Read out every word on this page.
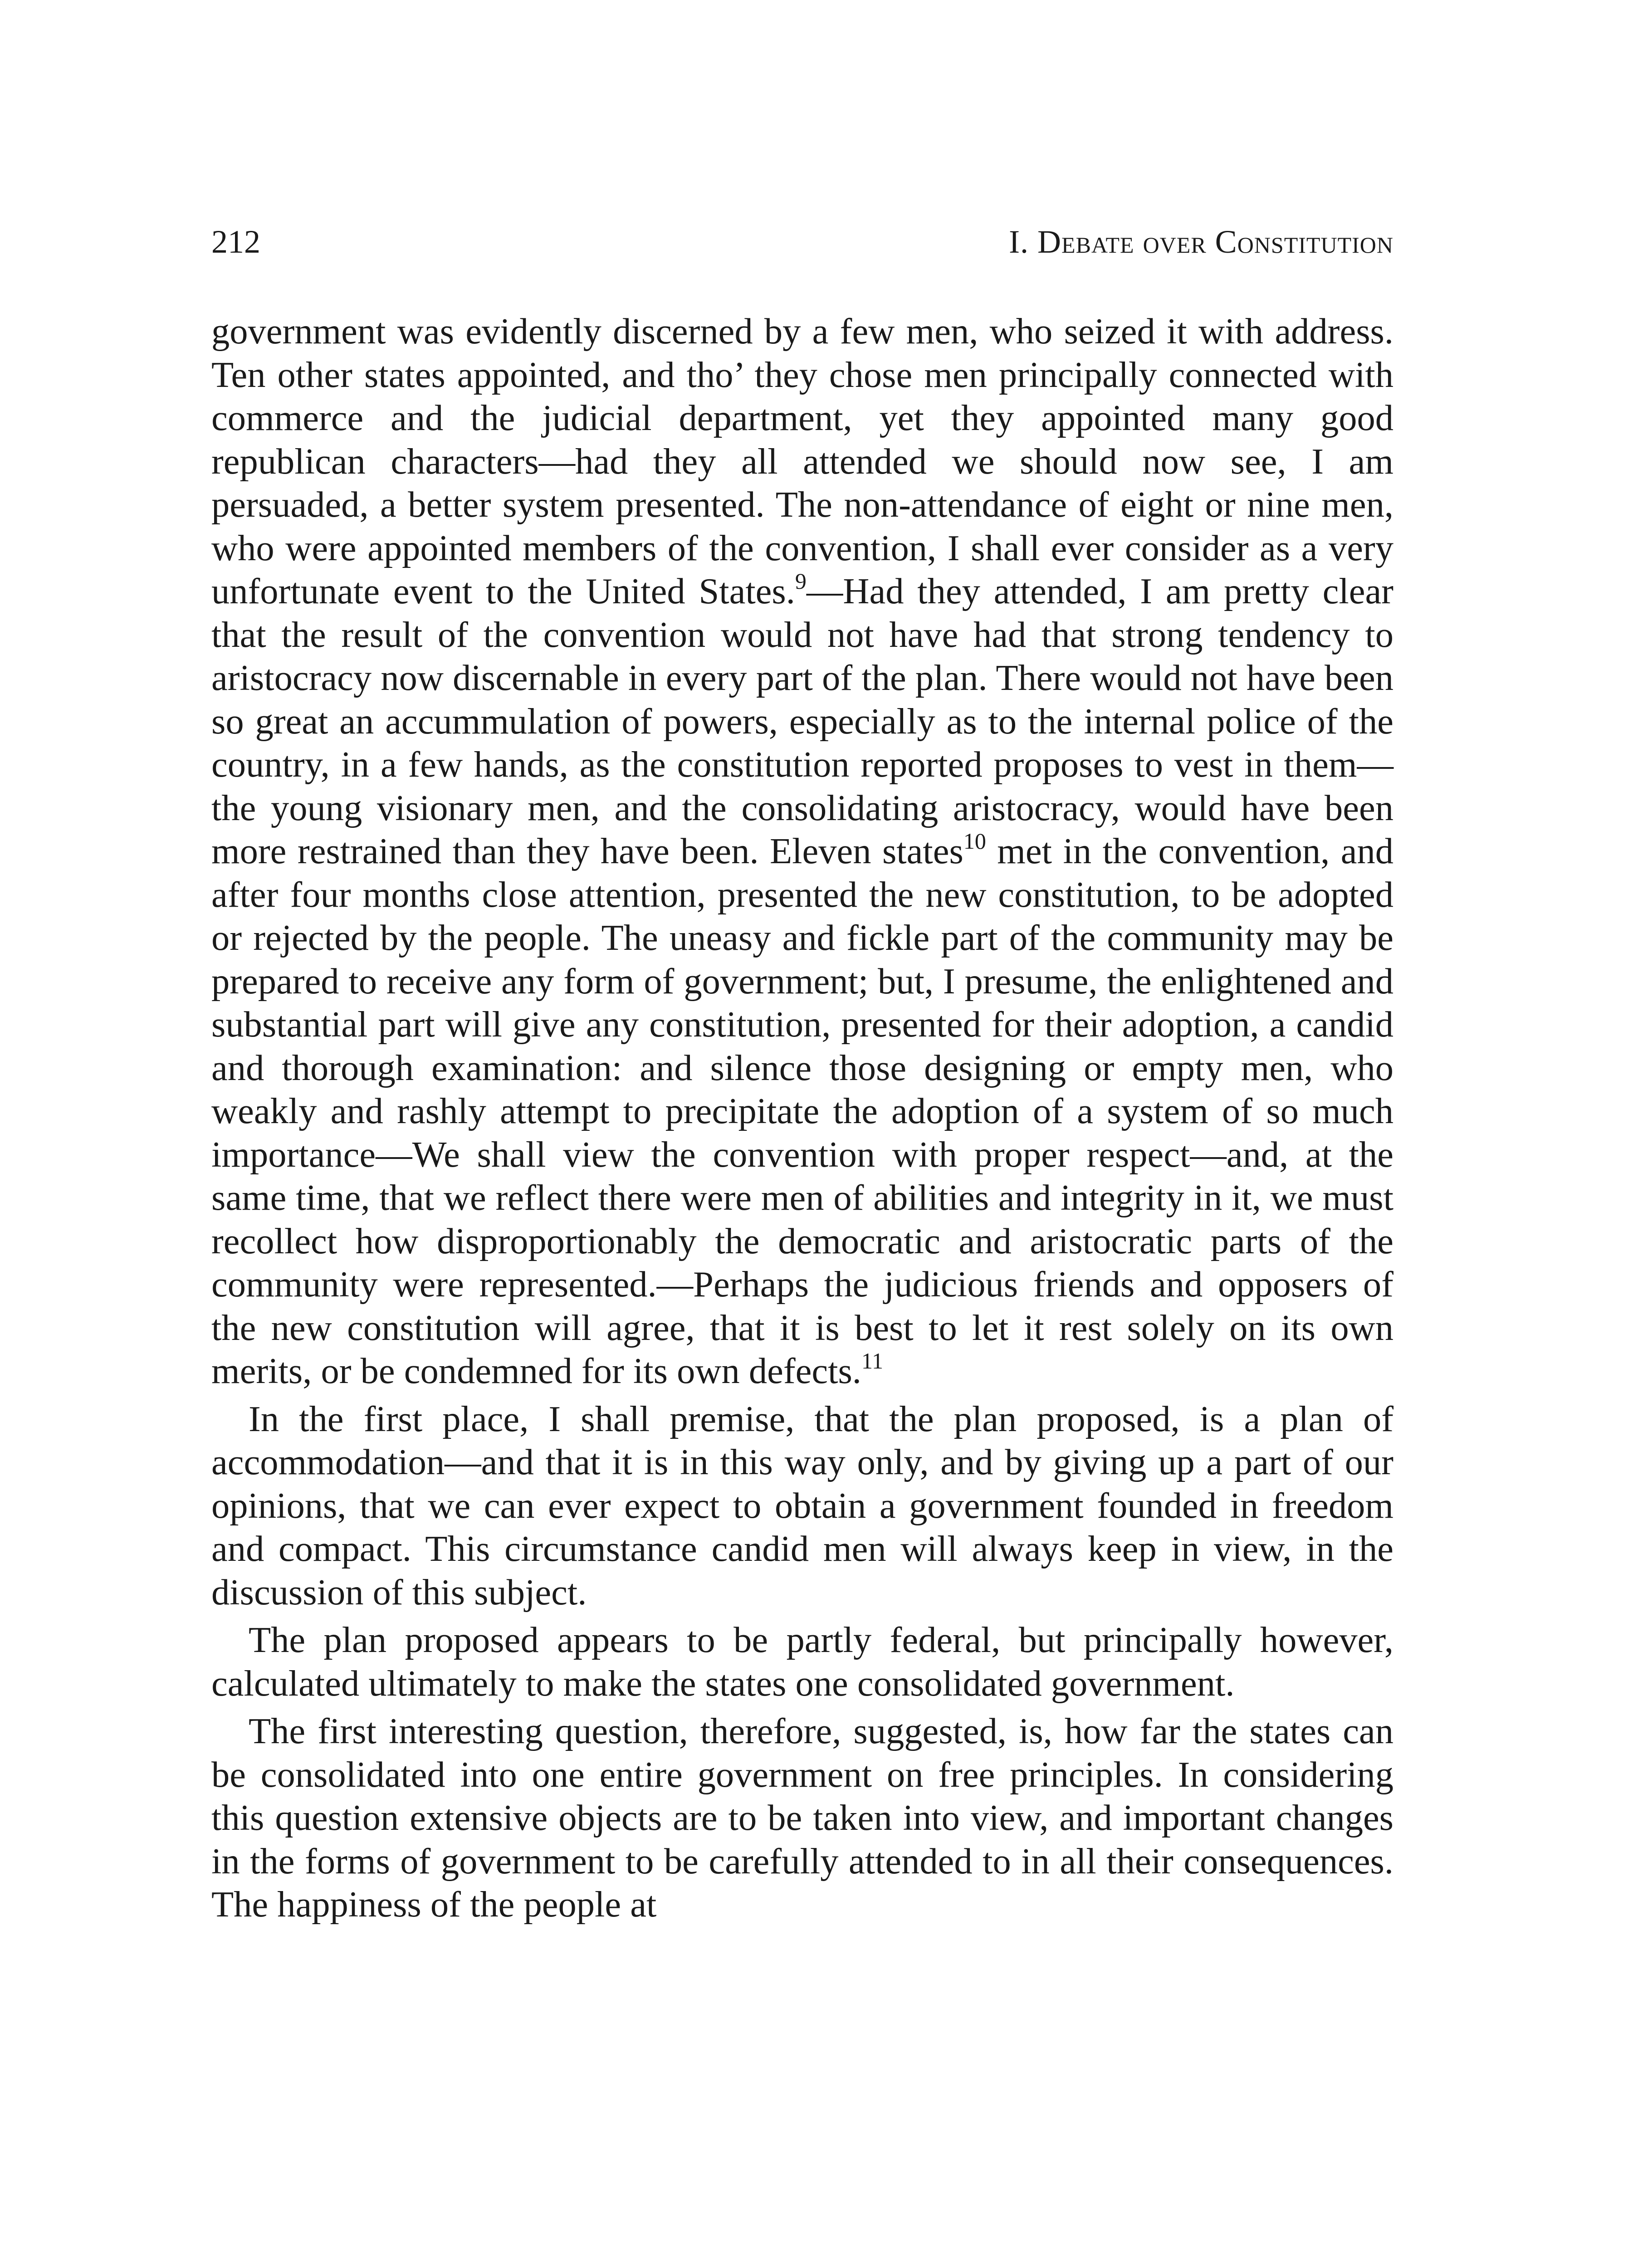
212	I. Debate over Constitution

government was evidently discerned by a few men, who seized it with address. Ten other states appointed, and tho’ they chose men principally connected with commerce and the judicial department, yet they appointed many good republican characters—had they all attended we should now see, I am persuaded, a better system presented. The non-attendance of eight or nine men, who were appointed members of the convention, I shall ever consider as a very unfortunate event to the United States.$^9$—Had they attended, I am pretty clear that the result of the convention would not have had that strong tendency to aristocracy now discernable in every part of the plan. There would not have been so great an accummulation of powers, especially as to the internal police of the country, in a few hands, as the constitution reported proposes to vest in them—the young visionary men, and the consolidating aristocracy, would have been more restrained than they have been. Eleven states$^{10}$ met in the convention, and after four months close attention, presented the new constitution, to be adopted or rejected by the people. The uneasy and fickle part of the community may be prepared to receive any form of government; but, I presume, the enlightened and substantial part will give any constitution, presented for their adoption, a candid and thorough examination: and silence those designing or empty men, who weakly and rashly attempt to precipitate the adoption of a system of so much importance—We shall view the convention with proper respect—and, at the same time, that we reflect there were men of abilities and integrity in it, we must recollect how disproportionably the democratic and aristocratic parts of the community were represented.—Perhaps the judicious friends and opposers of the new constitution will agree, that it is best to let it rest solely on its own merits, or be condemned for its own defects.$^{11}$

In the first place, I shall premise, that the plan proposed, is a plan of accommodation—and that it is in this way only, and by giving up a part of our opinions, that we can ever expect to obtain a government founded in freedom and compact. This circumstance candid men will always keep in view, in the discussion of this subject.

The plan proposed appears to be partly federal, but principally however, calculated ultimately to make the states one consolidated government.

The first interesting question, therefore, suggested, is, how far the states can be consolidated into one entire government on free principles. In considering this question extensive objects are to be taken into view, and important changes in the forms of government to be carefully attended to in all their consequences. The happiness of the people at
